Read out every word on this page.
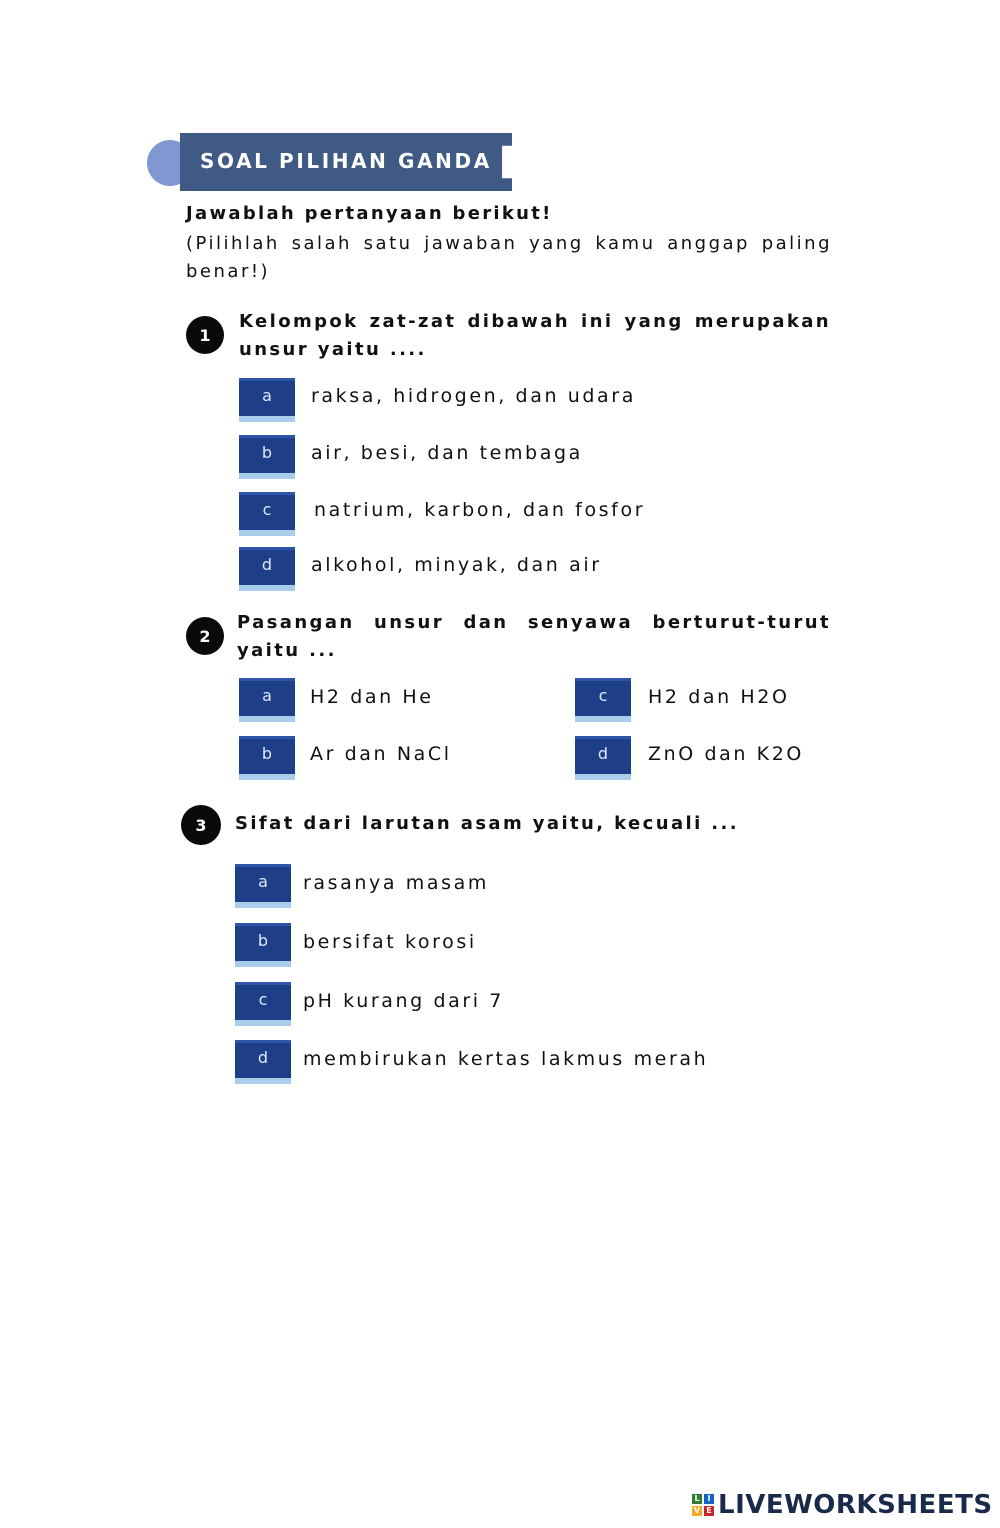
SOAL PILIHAN GANDA
Jawablah pertanyaan berikut!
(Pilihlah salah satu jawaban yang kamu anggap paling benar!)
1
Kelompok zat-zat dibawah ini yang merupakan unsur yaitu ....
a	raksa, hidrogen, dan udara
b	air, besi, dan tembaga
c	natrium, karbon, dan fosfor
d	alkohol, minyak, dan air
2
Pasangan unsur dan senyawa berturut-turut yaitu ...
a	H2 dan He
b	Ar dan NaCl
c	H2 dan H2O
d	ZnO dan K2O
3	Sifat dari larutan asam yaitu, kecuali ...
a	rasanya masam
b	bersifat korosi
c	pH kurang dari 7
d	membirukan kertas lakmus merah
L I
V E LIVEWORKSHEETS
